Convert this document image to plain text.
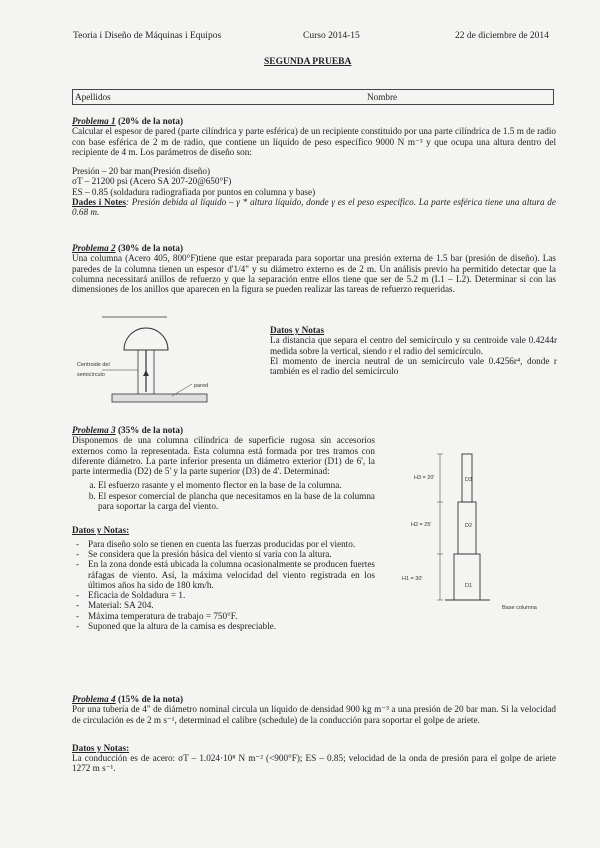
Teoria i Diseño de Máquinas i Equipos	Curso 2014-15	22 de diciembre de 2014
SEGUNDA PRUEBA
Apellidos	Nombre

Problema 1 (20% de la nota)

Calcular el espesor de pared (parte cilíndrica y parte esférica) de un recipiente constituido por una parte cilíndrica de 1.5 m de radio con base esférica de 2 m de radio, que contiene un líquido de peso específico 9000 N m⁻³ y que ocupa una altura dentro del recipiente de 4 m. Los parámetros de diseño son:

Presión – 20 bar man(Presión diseño)

σT – 21200 psi (Acero SA 207-20@650°F)

ES – 0.85 (soldadura radiografiada por puntos en columna y base)

Dades i Notes: Presión debida al líquido – γ * altura líquido, donde γ es el peso específico. La parte esférica tiene una altura de 0.68 m.

Problema 2 (30% de la nota)

Una columna (Acero 405, 800°F)tiene que estar preparada para soportar una presión externa de 1.5 bar (presión de diseño). Las paredes de la columna tienen un espesor d'1/4" y su diámetro externo es de 2 m. Un análisis previo ha permitido detectar que la columna necessitará anillos de refuerzo y que la separación entre ellos tiene que ser de 5.2 m (L1 – L2). Determinar si con las dimensiones de los anillos que aparecen en la figura se pueden realizar las tareas de refuerzo requeridas.

Centroide del semicírculo
pared

Datos y Notas

La distancia que separa el centro del semicírculo y su centroide vale 0.4244r medida sobre la vertical, siendo r el radio del semicírculo.

El momento de inercia neutral de un semicírculo vale 0.4256r⁴, donde r también es el radio del semicírculo

Problema 3 (35% de la nota)

Disponemos de una columna cilíndrica de superficie rugosa sin accesorios externos como la representada. Esta columna está formada por tres tramos con diferente diámetro. La parte inferior presenta un diámetro exterior (D1) de 6', la parte intermedia (D2) de 5' y la parte superior (D3) de 4'. Determinad:

a. El esfuerzo rasante y el momento flector en la base de la columna.
b. El espesor comercial de plancha que necesitamos en la base de la columna para soportar la carga del viento.

Datos y Notas:

- Para diseño solo se tienen en cuenta las fuerzas producidas por el viento.
- Se considera que la presión básica del viento sí varía con la altura.
- En la zona donde está ubicada la columna ocasionalmente se producen fuertes ráfagas de viento. Así, la máxima velocidad del viento registrada en los últimos años ha sido de 180 km/h.
- Eficacia de Soldadura = 1.
- Material: SA 204.
- Máxima temperatura de trabajo = 750°F.
- Suponed que la altura de la camisa es despreciable.
H3 = 20'	D3
H2 = 25'	D2
H1 = 30'
D1
Base columna

Problema 4 (15% de la nota)

Por una tubería de 4" de diámetro nominal circula un líquido de densidad 900 kg m⁻³ a una presión de 20 bar man. Si la velocidad de circulación es de 2 m s⁻¹, determinad el calibre (schedule) de la conducción para soportar el golpe de ariete.

Datos y Notas:

La conducción es de acero: σT – 1.024·10⁸ N m⁻² (<900°F); ES – 0.85; velocidad de la onda de presión para el golpe de ariete 1272 m s⁻¹.
